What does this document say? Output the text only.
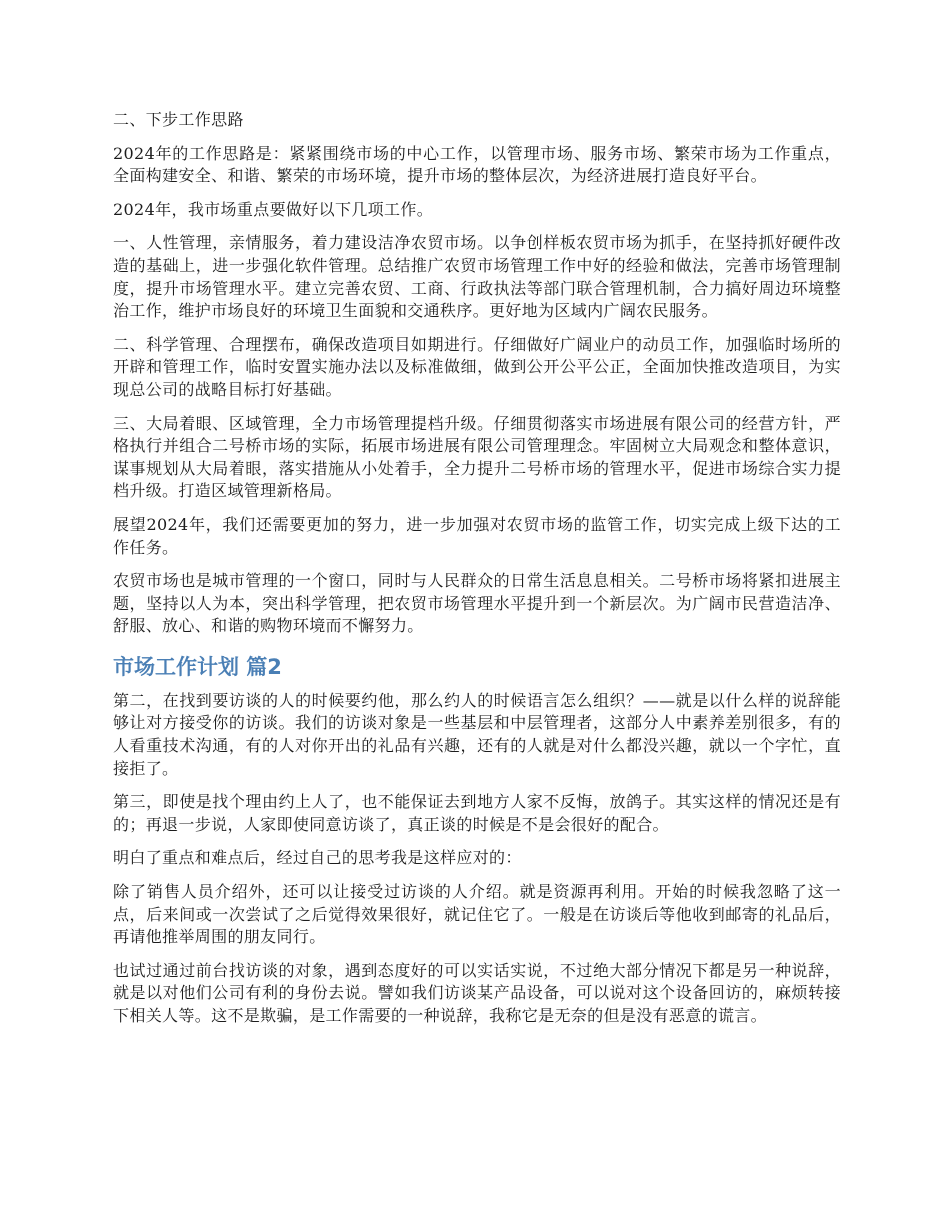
二、下步工作思路

2024年的工作思路是：紧紧围绕市场的中心工作，以管理市场、服务市场、繁荣市场为工作重点，全面构建安全、和谐、繁荣的市场环境，提升市场的整体层次，为经济进展打造良好平台。

2024年，我市场重点要做好以下几项工作。

一、人性管理，亲情服务，着力建设洁净农贸市场。以争创样板农贸市场为抓手，在坚持抓好硬件改造的基础上，进一步强化软件管理。总结推广农贸市场管理工作中好的经验和做法，完善市场管理制度，提升市场管理水平。建立完善农贸、工商、行政执法等部门联合管理机制，合力搞好周边环境整治工作，维护市场良好的环境卫生面貌和交通秩序。更好地为区域内广阔农民服务。

二、科学管理、合理摆布，确保改造项目如期进行。仔细做好广阔业户的动员工作，加强临时场所的开辟和管理工作，临时安置实施办法以及标准做细，做到公开公平公正，全面加快推改造项目，为实现总公司的战略目标打好基础。

三、大局着眼、区域管理，全力市场管理提档升级。仔细贯彻落实市场进展有限公司的经营方针，严格执行并组合二号桥市场的实际，拓展市场进展有限公司管理理念。牢固树立大局观念和整体意识，谋事规划从大局着眼，落实措施从小处着手，全力提升二号桥市场的管理水平，促进市场综合实力提档升级。打造区域管理新格局。

展望2024年，我们还需要更加的努力，进一步加强对农贸市场的监管工作，切实完成上级下达的工作任务。

农贸市场也是城市管理的一个窗口，同时与人民群众的日常生活息息相关。二号桥市场将紧扣进展主题，坚持以人为本，突出科学管理，把农贸市场管理水平提升到一个新层次。为广阔市民营造洁净、舒服、放心、和谐的购物环境而不懈努力。

市场工作计划 篇2

第二，在找到要访谈的人的时候要约他，那么约人的时候语言怎么组织？——就是以什么样的说辞能够让对方接受你的访谈。我们的访谈对象是一些基层和中层管理者，这部分人中素养差别很多，有的人看重技术沟通，有的人对你开出的礼品有兴趣，还有的人就是对什么都没兴趣，就以一个字忙，直接拒了。

第三，即使是找个理由约上人了，也不能保证去到地方人家不反悔，放鸽子。其实这样的情况还是有的；再退一步说，人家即使同意访谈了，真正谈的时候是不是会很好的配合。

明白了重点和难点后，经过自己的思考我是这样应对的：

除了销售人员介绍外，还可以让接受过访谈的人介绍。就是资源再利用。开始的时候我忽略了这一点，后来间或一次尝试了之后觉得效果很好，就记住它了。一般是在访谈后等他收到邮寄的礼品后，再请他推举周围的朋友同行。

也试过通过前台找访谈的对象，遇到态度好的可以实话实说，不过绝大部分情况下都是另一种说辞，就是以对他们公司有利的身份去说。譬如我们访谈某产品设备，可以说对这个设备回访的，麻烦转接下相关人等。这不是欺骗，是工作需要的一种说辞，我称它是无奈的但是没有恶意的谎言。
